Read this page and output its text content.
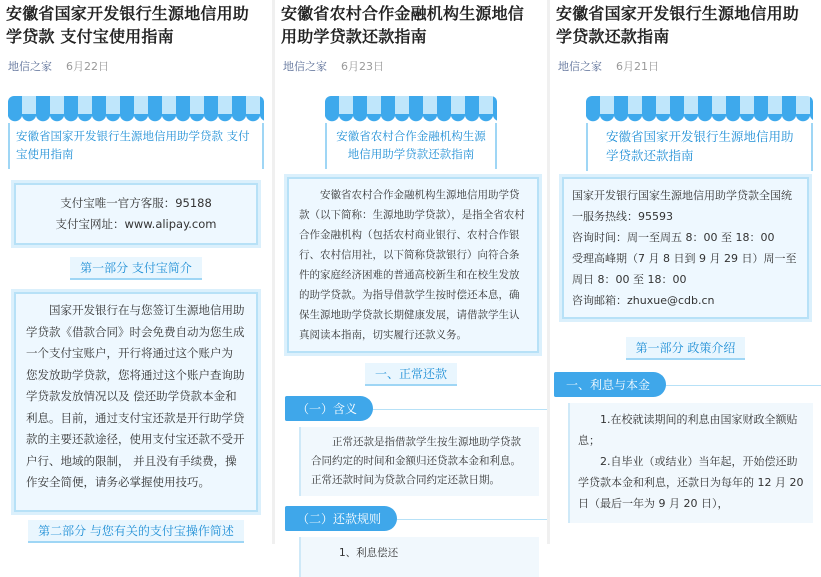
安徽省国家开发银行生源地信用助学贷款 支付宝使用指南
地信之家 6月22日
安徽省国家开发银行生源地信用助学贷款 支付宝使用指南
支付宝唯一官方客服：95188
支付宝网址：www.alipay.com
第一部分 支付宝简介
国家开发银行在与您签订生源地信用助学贷款《借款合同》时会免费自动为您生成一个支付宝账户，开行将通过这个账户为 您发放助学贷款，您将通过这个账户查询助学贷款发放情况以及 偿还助学贷款本金和利息。目前，通过支付宝还款是开行助学贷 款的主要还款途径，使用支付宝还款不受开户行、地域的限制， 并且没有手续费，操作安全简便，请务必掌握使用技巧。
第二部分 与您有关的支付宝操作简述
安徽省农村合作金融机构生源地信用助学贷款还款指南
地信之家 6月23日
安徽省农村合作金融机构生源地信用助学贷款还款指南
安徽省农村合作金融机构生源地信用助学贷款（以下简称：生源地助学贷款），是指全省农村合作金融机构（包括农村商业银行、农村合作银行、农村信用社，以下简称贷款银行）向符合条件的家庭经济困难的普通高校新生和在校生发放的助学贷款。为指导借款学生按时偿还本息，确保生源地助学贷款长期健康发展，请借款学生认真阅读本指南，切实履行还款义务。
一、正常还款
（一）含义
正常还款是指借款学生按生源地助学贷款合同约定的时间和金额归还贷款本金和利息。正常还款时间为贷款合同约定还款日期。
（二）还款规则
1、利息偿还
安徽省国家开发银行生源地信用助学贷款还款指南
地信之家 6月21日
安徽省国家开发银行生源地信用助学贷款还款指南
国家开发银行国家生源地信用助学贷款全国统一服务热线：95593
咨询时间：周一至周五 8：00 至 18：00
受理高峰期（7 月 8 日到 9 月 29 日）周一至周日 8：00 至 18：00
咨询邮箱：zhuxue@cdb.cn
第一部分 政策介绍
一、利息与本金
1.在校就读期间的利息由国家财政全额贴息；
2.自毕业（或结业）当年起，开始偿还助学贷款本金和利息，还款日为每年的 12 月 20 日（最后一年为 9 月 20 日），
